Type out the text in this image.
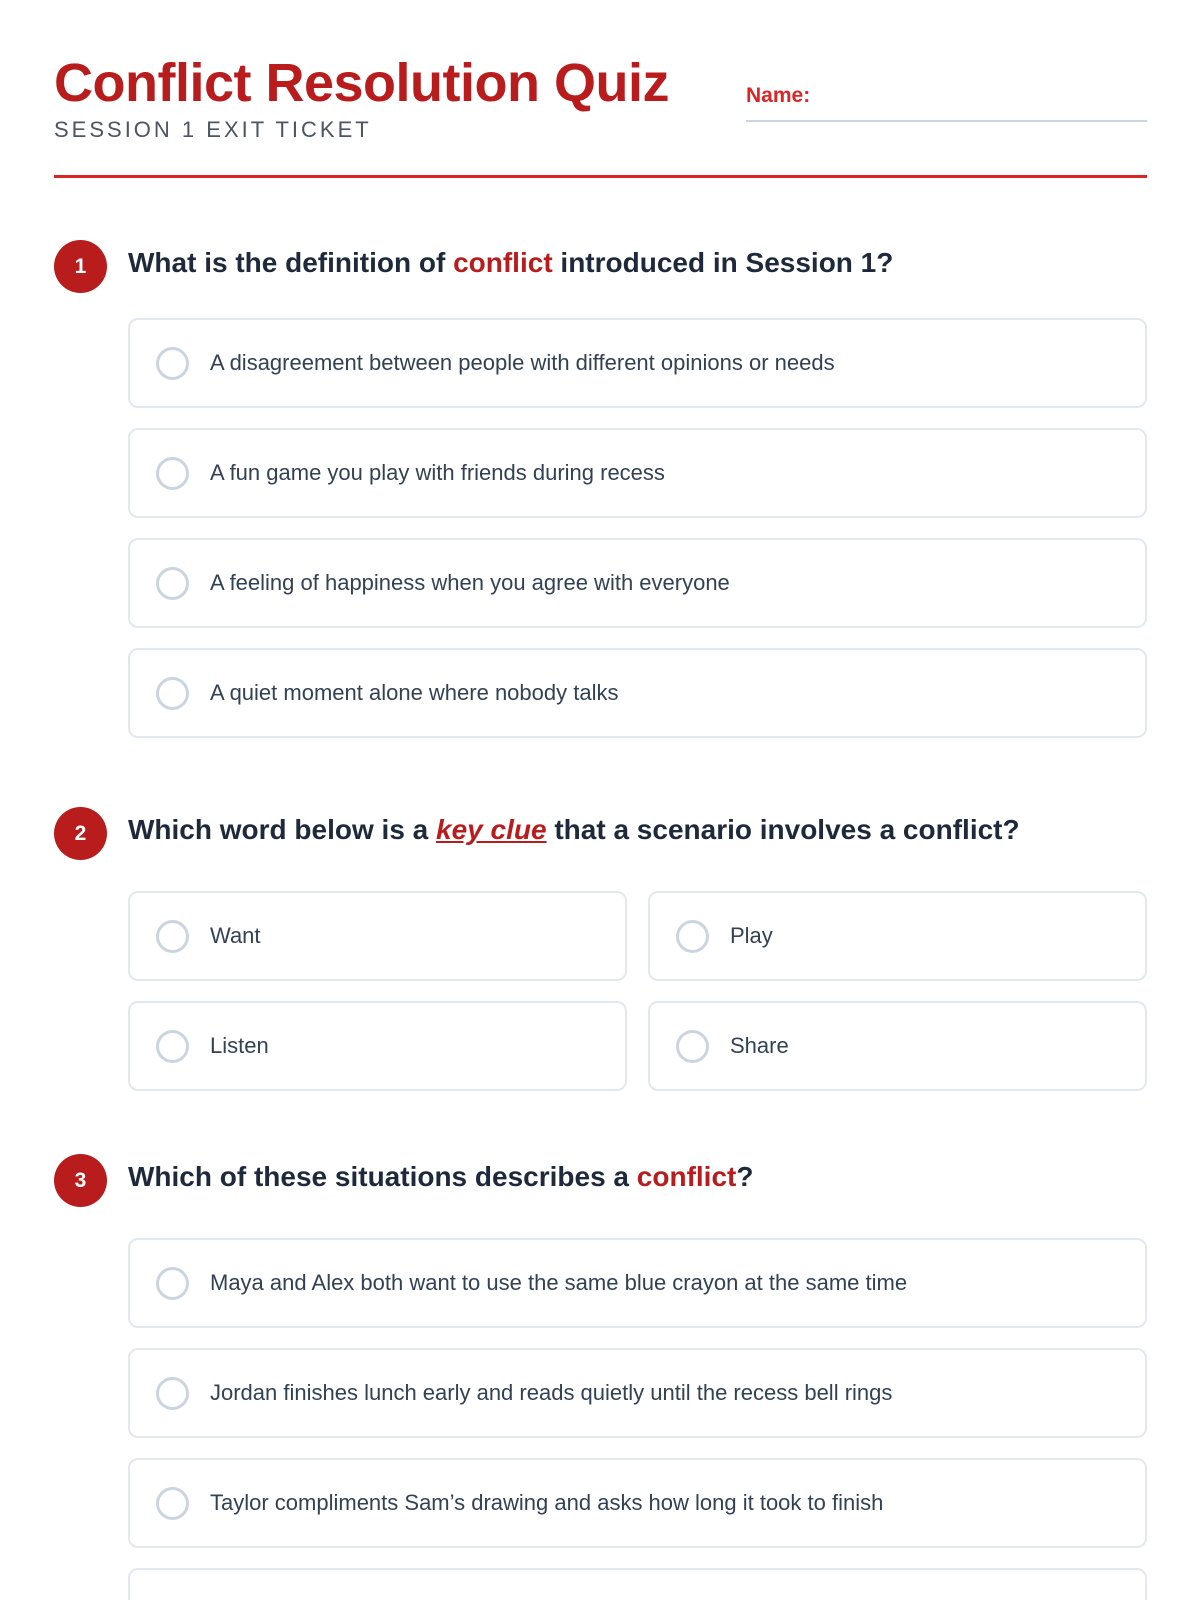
Conflict Resolution Quiz
SESSION 1 EXIT TICKET
Name:
1	What is the definition of conflict introduced in Session 1?
A disagreement between people with different opinions or needs
A fun game you play with friends during recess
A feeling of happiness when you agree with everyone
A quiet moment alone where nobody talks
2	Which word below is a key clue that a scenario involves a conflict?
Want	Play
Listen	Share
3	Which of these situations describes a conflict?
Maya and Alex both want to use the same blue crayon at the same time
Jordan finishes lunch early and reads quietly until the recess bell rings
Taylor compliments Sam’s drawing and asks how long it took to finish
